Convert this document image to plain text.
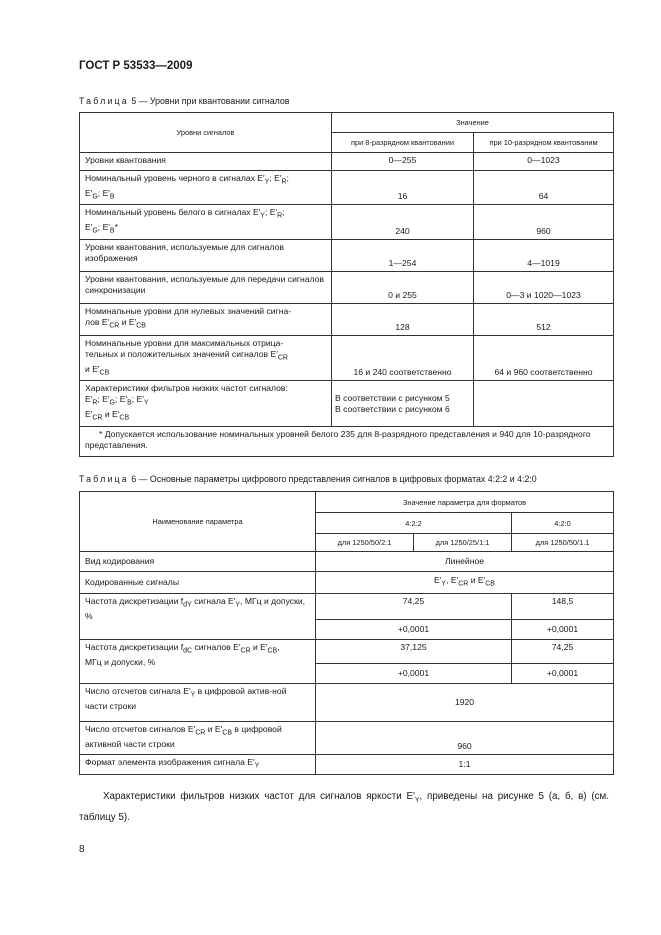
ГОСТ Р 53533—2009
Таблица 5 — Уровни при квантовании сигналов
Уровни сигналов	Значение	
	при 8-разрядном квантовании	при 10-разрядном квантованим
Уровни квантования	0—255	0—1023
Номинальный уровень черного в сигналах $E'_Y$; $E'_R$;
$E'_G$; $E'_B$	16	64
Номинальный уровень белого в сигналах $E'_Y$; $E'_R$;
$E'_G$; $E'_B*$	240	960
Уровни квантования, используемые для сигналов изображения	1—254	4—1019
Уровни квантования, используемые для передачи сигналов синхронизации	0 и 255	0—3 и 1020—1023
Номинальные уровни для нулевых значений сигна-
лов $E'_{CR}$ и $E'_{CB}$	128	512
Номинальные уровни для максимальных отрица-
тельных и положительных значений сигналов $E'_{CR}$
и $E'_{CB}$	16 и 240 соответственно	64 и 960 соответственно
Характеристики фильтров низких частот сигналов:
$E'_R$; $E'_G$; $E'_B$; $E'_Y$
$E'_{CR}$ и $E'_{CB}$	В соответствии с рисунком 5
В соответствии с рисунком 6	
* Допускается использование номинальных уровней белого 235 для 8-разрядного представления и 940 для 10-разрядного представления.		
Таблица 6 — Основные параметры цифрового представления сигналов в цифровых форматах 4:2:2 и 4:2:0
Наименование параметра	Значение параметра для форматов		
	4:2:2		4:2:0
	для 1250/50/2:1	для 1250/25/1:1	для 1250/50/1.1
Вид кодирования	Линейное		
Кодированные сигналы	$E'_Y$, $E'_{CR}$ и $E'_{CB}$
Частота дискретизации $f_{dY}$ сигнала $E'_Y$, МГц и допуски, %	74,25		148,5
	+0,0001		+0,0001
Частота дискретизации $f_{dC}$ сигналов $E'_{CR}$ и $E'_{CB}$,
МГц и допуски, %	37,125		74,25
	+0,0001		+0,0001
Число отсчетов сигнала $E'_Y$ в цифровой актив-ной части строки	1920		
Число отсчетов сигналов $E'_{CR}$ и $E'_{CB}$ в цифровой активной части строки	960		
Формат элемента изображения сигнала $E'_Y$	1:1		
Характеристики фильтров низких частот для сигналов яркости $E'_Y$, приведены на рисунке 5 (а, б, в) (см. таблицу 5).
8
